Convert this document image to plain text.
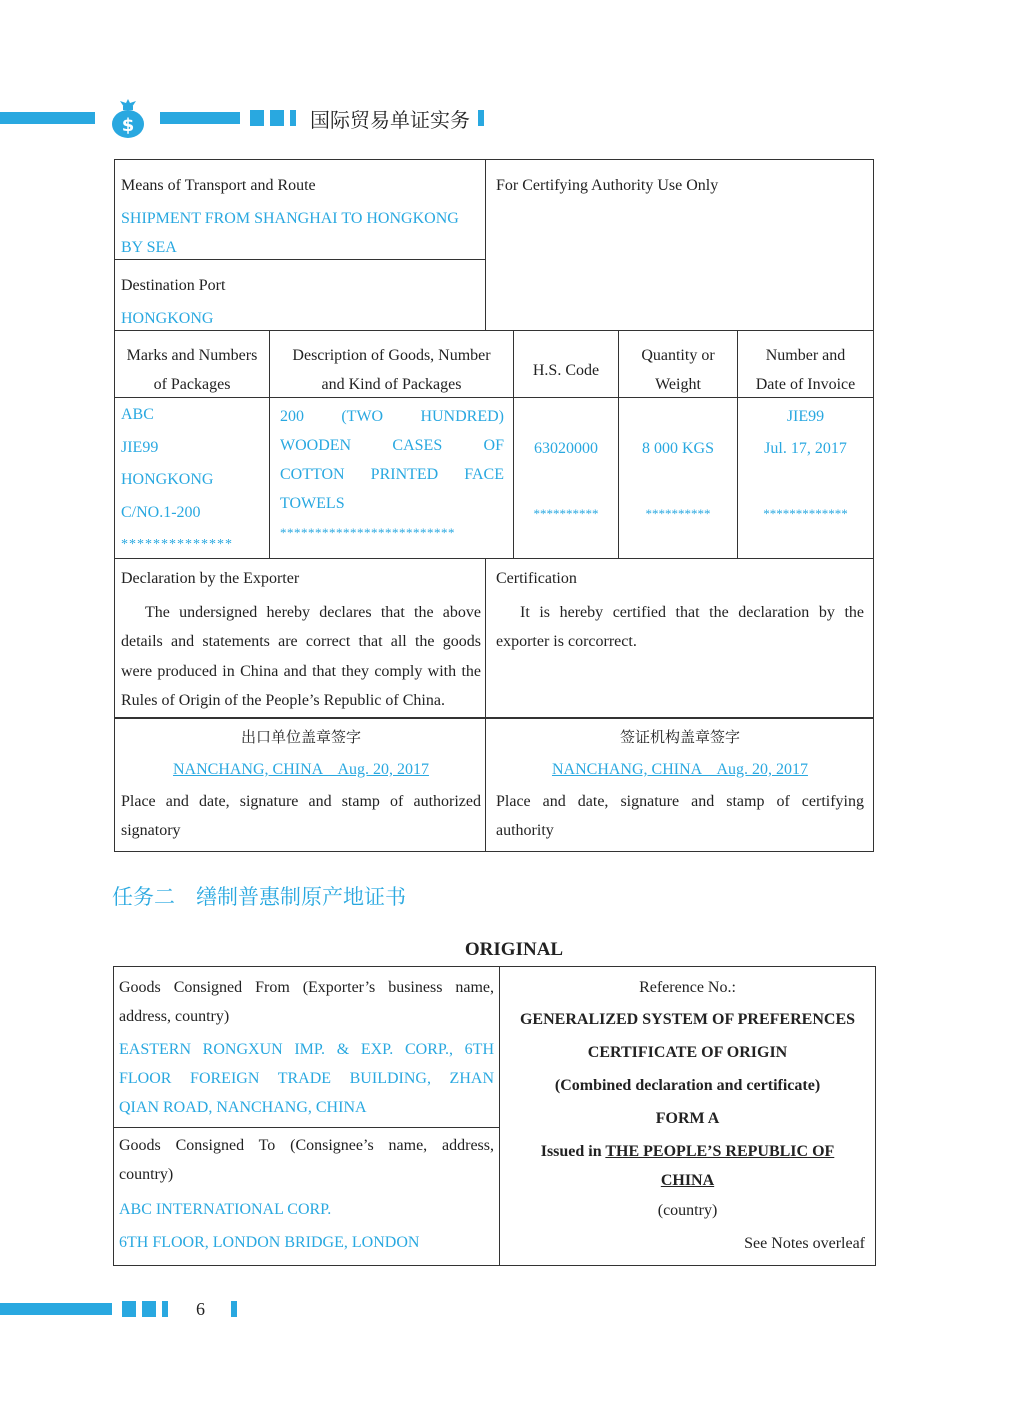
$	国际贸易单证实务
Means of Transport and Route
SHIPMENT FROM SHANGHAI TO HONGKONG
BY SEA
For Certifying Authority Use Only
Destination Port
HONGKONG
Marks and Numbers
of Packages
Description of Goods, Number
and Kind of Packages
H.S. Code
Quantity or
Weight
Number and
Date of Invoice
ABC
JIE99
HONGKONG
C/NO.1-200
**************
200 (TWO HUNDRED)
WOODEN CASES OF
COTTON PRINTED FACE
TOWELS
*************************
63020000
**********
8 000 KGS
**********
JIE99
Jul. 17, 2017
*************
Declaration by the Exporter
The undersigned hereby declares that the above
details and statements are correct that all the goods
were produced in China and that they comply with the
Rules of Origin of the People’s Republic of China.
Certification
It is hereby certified that the declaration by the
exporter is corcorrect.
出口单位盖章签字
NANCHANG, CHINA    Aug. 20, 2017
Place and date, signature and stamp of authorized
signatory
签证机构盖章签字
NANCHANG, CHINA    Aug. 20, 2017
Place and date, signature and stamp of certifying
authority
任务二　缮制普惠制原产地证书
ORIGINAL
Goods Consigned From (Exporter’s business name,
address, country)
EASTERN RONGXUN IMP. & EXP. CORP., 6TH
FLOOR FOREIGN TRADE BUILDING, ZHAN
QIAN ROAD, NANCHANG, CHINA
Goods Consigned To (Consignee’s name, address,
country)
ABC INTERNATIONAL CORP.
6TH FLOOR, LONDON BRIDGE, LONDON
Reference No.:
GENERALIZED SYSTEM OF PREFERENCES
CERTIFICATE OF ORIGIN
(Combined declaration and certificate)
FORM A
Issued in THE PEOPLE’S REPUBLIC OF
CHINA
(country)
See Notes overleaf
6
